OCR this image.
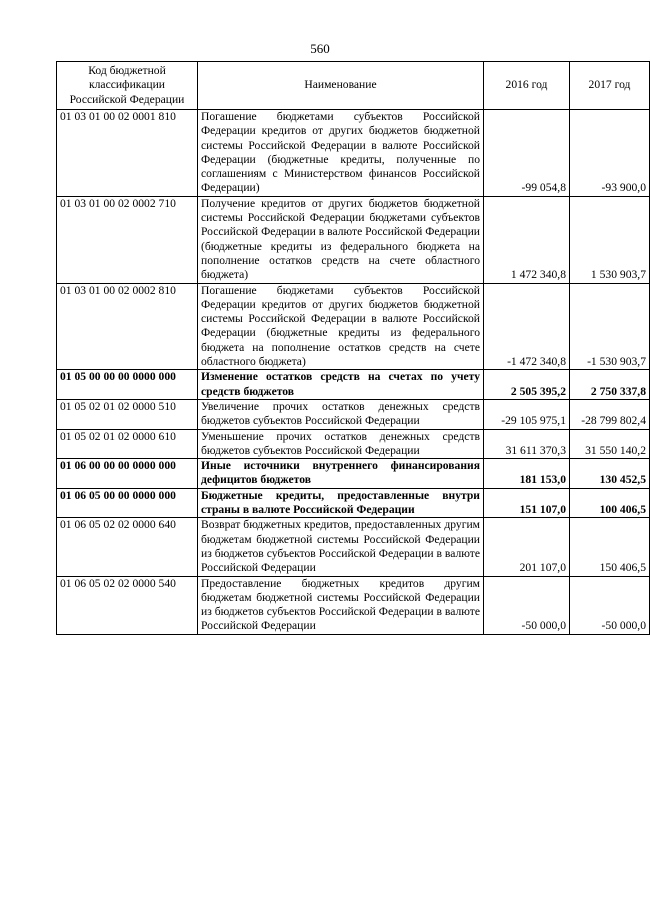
560
Код бюджетной классификации Российской Федерации	Наименование	2016 год	2017 год
01 03 01 00 02 0001 810	Погашение бюджетами субъектов Российской Федерации кредитов от других бюджетов бюджетной системы Российской Федерации в валюте Российской Федерации (бюджетные кредиты, полученные по соглашениям с Министерством финансов Российской Федерации)	-99 054,8	-93 900,0
01 03 01 00 02 0002 710	Получение кредитов от других бюджетов бюджетной системы Российской Федерации бюджетами субъектов Российской Федерации в валюте Российской Федерации (бюджетные кредиты из федерального бюджета на пополнение остатков средств на счете областного бюджета)	1 472 340,8	1 530 903,7
01 03 01 00 02 0002 810	Погашение бюджетами субъектов Российской Федерации кредитов от других бюджетов бюджетной системы Российской Федерации в валюте Российской Федерации (бюджетные кредиты из федерального бюджета на пополнение остатков средств на счете областного бюджета)	-1 472 340,8	-1 530 903,7
01 05 00 00 00 0000 000	Изменение остатков средств на счетах по учету средств бюджетов	2 505 395,2	2 750 337,8
01 05 02 01 02 0000 510	Увеличение прочих остатков денежных средств бюджетов субъектов Российской Федерации	-29 105 975,1	-28 799 802,4
01 05 02 01 02 0000 610	Уменьшение прочих остатков денежных средств бюджетов субъектов Российской Федерации	31 611 370,3	31 550 140,2
01 06 00 00 00 0000 000	Иные источники внутреннего финансирования дефицитов бюджетов	181 153,0	130 452,5
01 06 05 00 00 0000 000	Бюджетные кредиты, предоставленные внутри страны в валюте Российской Федерации	151 107,0	100 406,5
01 06 05 02 02 0000 640	Возврат бюджетных кредитов, предоставленных другим бюджетам бюджетной системы Российской Федерации из бюджетов субъектов Российской Федерации в валюте Российской Федерации	201 107,0	150 406,5
01 06 05 02 02 0000 540	Предоставление бюджетных кредитов другим бюджетам бюджетной системы Российской Федерации из бюджетов субъектов Российской Федерации в валюте Российской Федерации	-50 000,0	-50 000,0
